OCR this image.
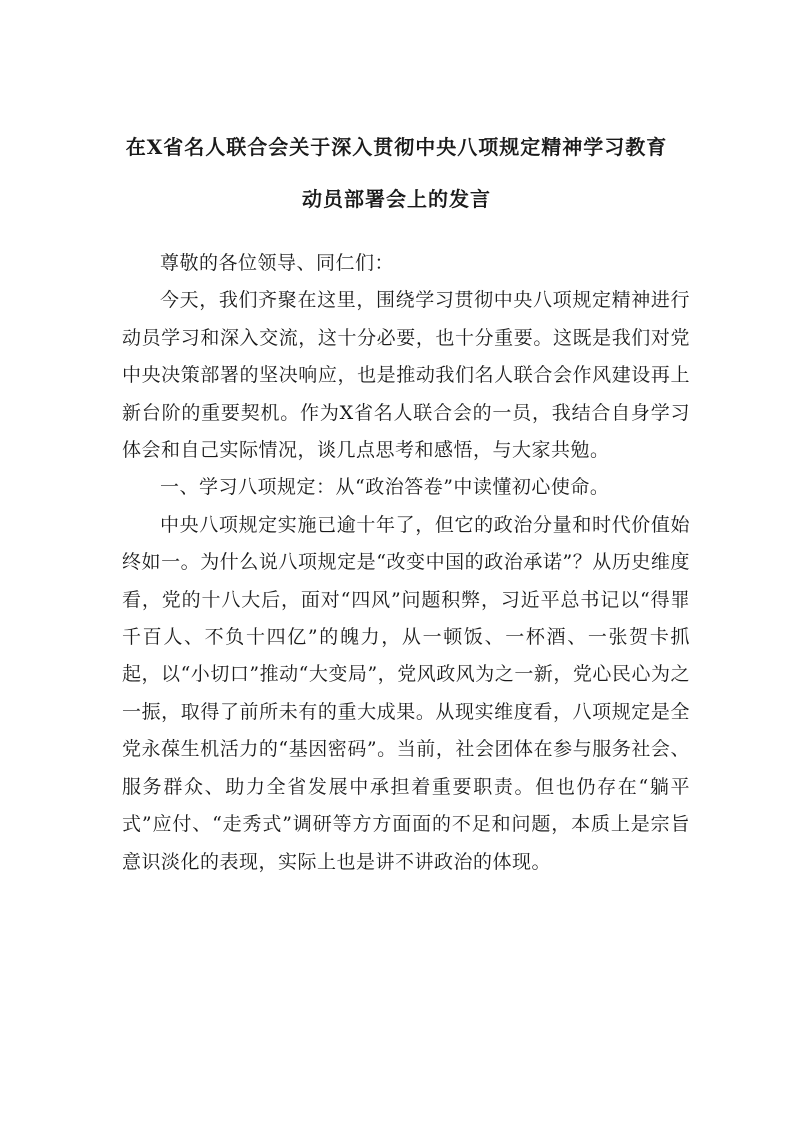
在X省名人联合会关于深入贯彻中央八项规定精神学习教育
动员部署会上的发言

尊敬的各位领导、同仁们：

今天，我们齐聚在这里，围绕学习贯彻中央八项规定精神进行动员学习和深入交流，这十分必要，也十分重要。这既是我们对党中央决策部署的坚决响应，也是推动我们名人联合会作风建设再上新台阶的重要契机。作为X省名人联合会的一员，我结合自身学习体会和自己实际情况，谈几点思考和感悟，与大家共勉。

一、学习八项规定：从“政治答卷”中读懂初心使命。

中央八项规定实施已逾十年了，但它的政治分量和时代价值始终如一。为什么说八项规定是“改变中国的政治承诺”？从历史维度看，党的十八大后，面对“四风”问题积弊，习近平总书记以“得罪千百人、不负十四亿”的魄力，从一顿饭、一杯酒、一张贺卡抓起，以“小切口”推动“大变局”，党风政风为之一新，党心民心为之一振，取得了前所未有的重大成果。从现实维度看，八项规定是全党永葆生机活力的“基因密码”。当前，社会团体在参与服务社会、服务群众、助力全省发展中承担着重要职责。但也仍存在“躺平式”应付、“走秀式”调研等方方面面的不足和问题，本质上是宗旨意识淡化的表现，实际上也是讲不讲政治的体现。
